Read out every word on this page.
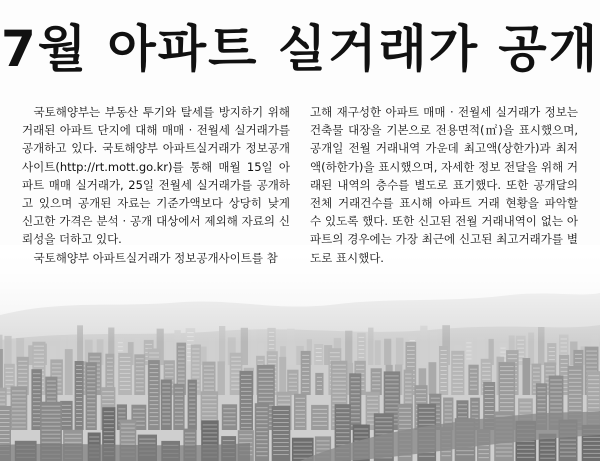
7월 아파트 실거래가 공개

국토해양부는 부동산 투기와 탈세를 방지하기 위해 거래된 아파트 단지에 대해 매매 · 전월세 실거래가를 공개하고 있다. 국토해양부 아파트실거래가 정보공개사이트(http://rt.mott.go.kr)를 통해 매월 15일 아파트 매매 실거래가, 25일 전월세 실거래가를 공개하고 있으며 공개된 자료는 기준가액보다 상당히 낮게 신고한 가격은 분석 · 공개 대상에서 제외해 자료의 신뢰성을 더하고 있다.

국토해양부 아파트실거래가 정보공개사이트를 참

고해 재구성한 아파트 매매 · 전월세 실거래가 정보는 건축물 대장을 기본으로 전용면적(㎡)을 표시했으며, 공개일 전월 거래내역 가운데 최고액(상한가)과 최저액(하한가)을 표시했으며, 자세한 정보 전달을 위해 거래된 내역의 층수를 별도로 표기했다. 또한 공개달의 전체 거래건수를 표시해 아파트 거래 현황을 파악할 수 있도록 했다. 또한 신고된 전월 거래내역이 없는 아파트의 경우에는 가장 최근에 신고된 최고거래가를 별도로 표시했다.
